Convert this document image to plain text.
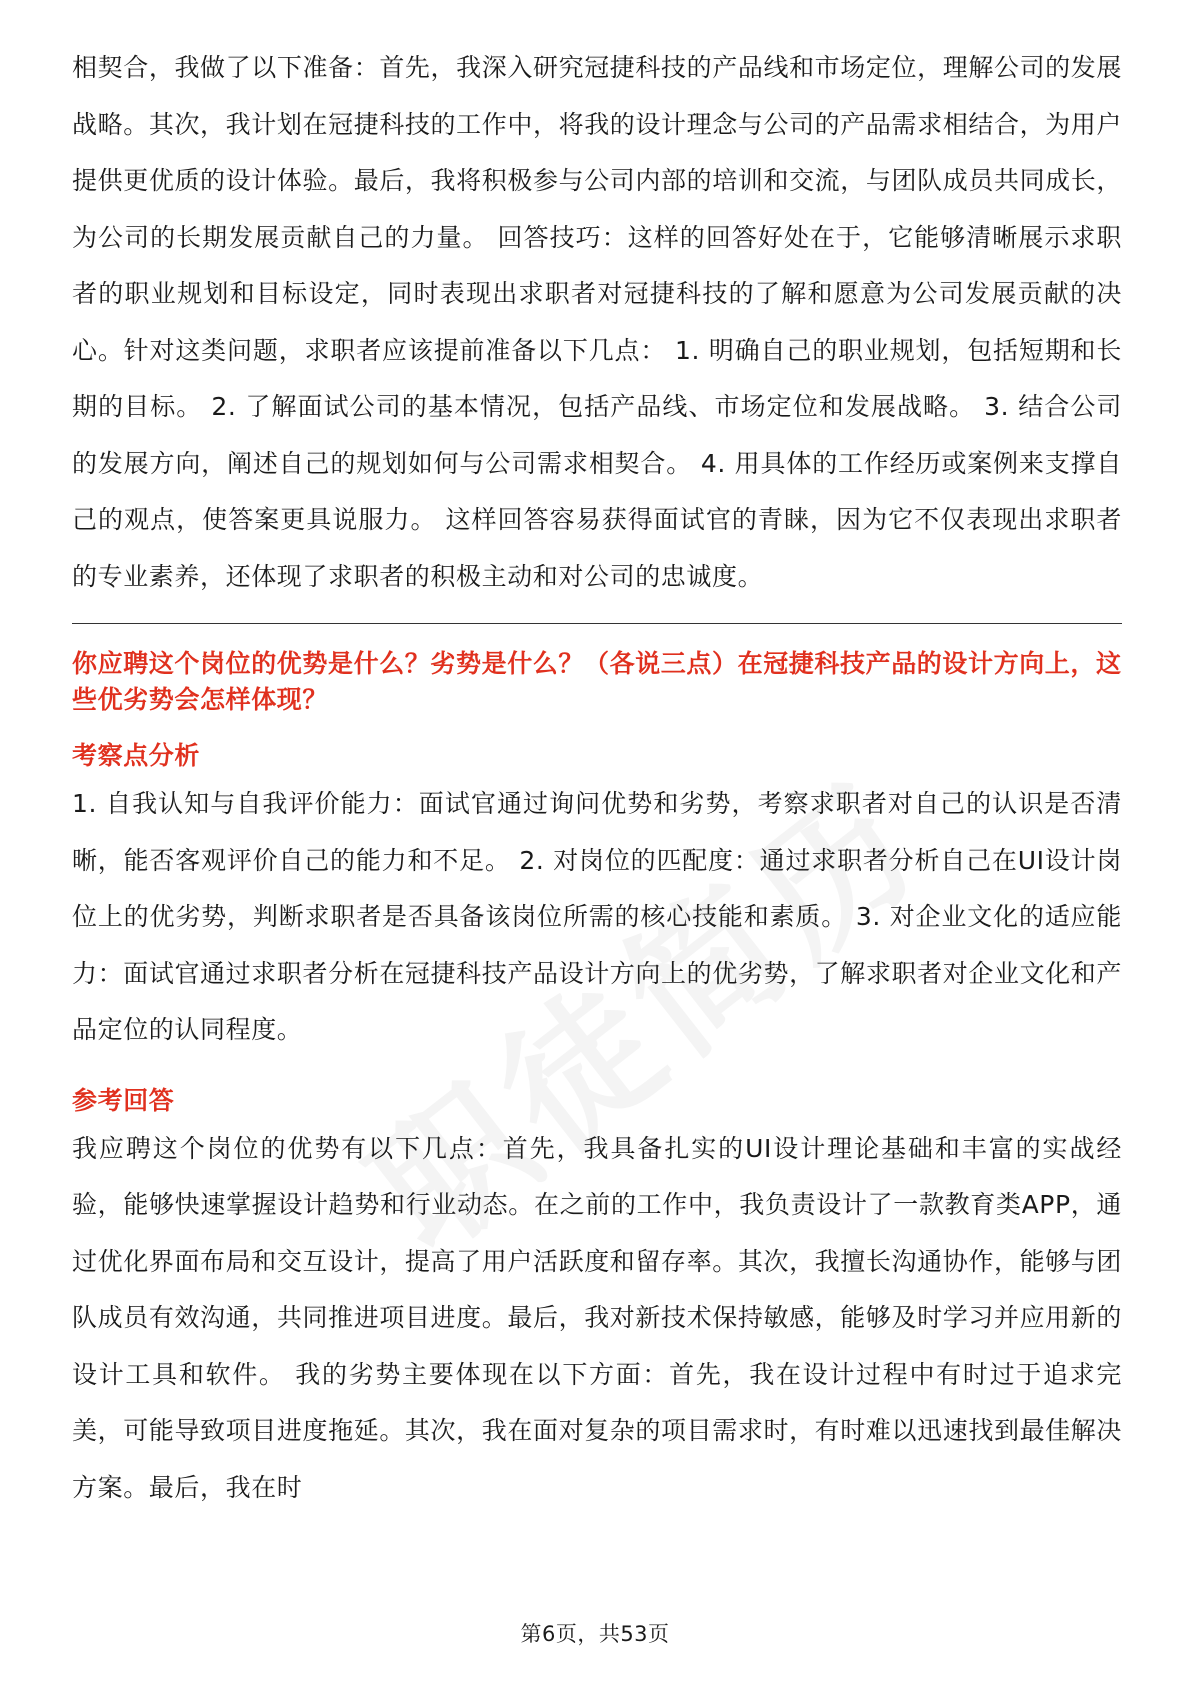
相契合，我做了以下准备：首先，我深入研究冠捷科技的产品线和市场定位，理解公司的发展战略。其次，我计划在冠捷科技的工作中，将我的设计理念与公司的产品需求相结合，为用户提供更优质的设计体验。最后，我将积极参与公司内部的培训和交流，与团队成员共同成长，为公司的长期发展贡献自己的力量。 回答技巧：这样的回答好处在于，它能够清晰展示求职者的职业规划和目标设定，同时表现出求职者对冠捷科技的了解和愿意为公司发展贡献的决心。针对这类问题，求职者应该提前准备以下几点： 1. 明确自己的职业规划，包括短期和长期的目标。 2. 了解面试公司的基本情况，包括产品线、市场定位和发展战略。 3. 结合公司的发展方向，阐述自己的规划如何与公司需求相契合。 4. 用具体的工作经历或案例来支撑自己的观点，使答案更具说服力。 这样回答容易获得面试官的青睐，因为它不仅表现出求职者的专业素养，还体现了求职者的积极主动和对公司的忠诚度。

你应聘这个岗位的优势是什么？劣势是什么？（各说三点）在冠捷科技产品的设计方向上，这些优劣势会怎样体现？

考察点分析

1. 自我认知与自我评价能力：面试官通过询问优势和劣势，考察求职者对自己的认识是否清晰，能否客观评价自己的能力和不足。 2. 对岗位的匹配度：通过求职者分析自己在UI设计岗位上的优劣势，判断求职者是否具备该岗位所需的核心技能和素质。 3. 对企业文化的适应能力：面试官通过求职者分析在冠捷科技产品设计方向上的优劣势，了解求职者对企业文化和产品定位的认同程度。

参考回答

我应聘这个岗位的优势有以下几点：首先，我具备扎实的UI设计理论基础和丰富的实战经验，能够快速掌握设计趋势和行业动态。在之前的工作中，我负责设计了一款教育类APP，通过优化界面布局和交互设计，提高了用户活跃度和留存率。其次，我擅长沟通协作，能够与团队成员有效沟通，共同推进项目进度。最后，我对新技术保持敏感，能够及时学习并应用新的设计工具和软件。 我的劣势主要体现在以下方面：首先，我在设计过程中有时过于追求完美，可能导致项目进度拖延。其次，我在面对复杂的项目需求时，有时难以迅速找到最佳解决方案。最后，我在时

第6页，共53页
